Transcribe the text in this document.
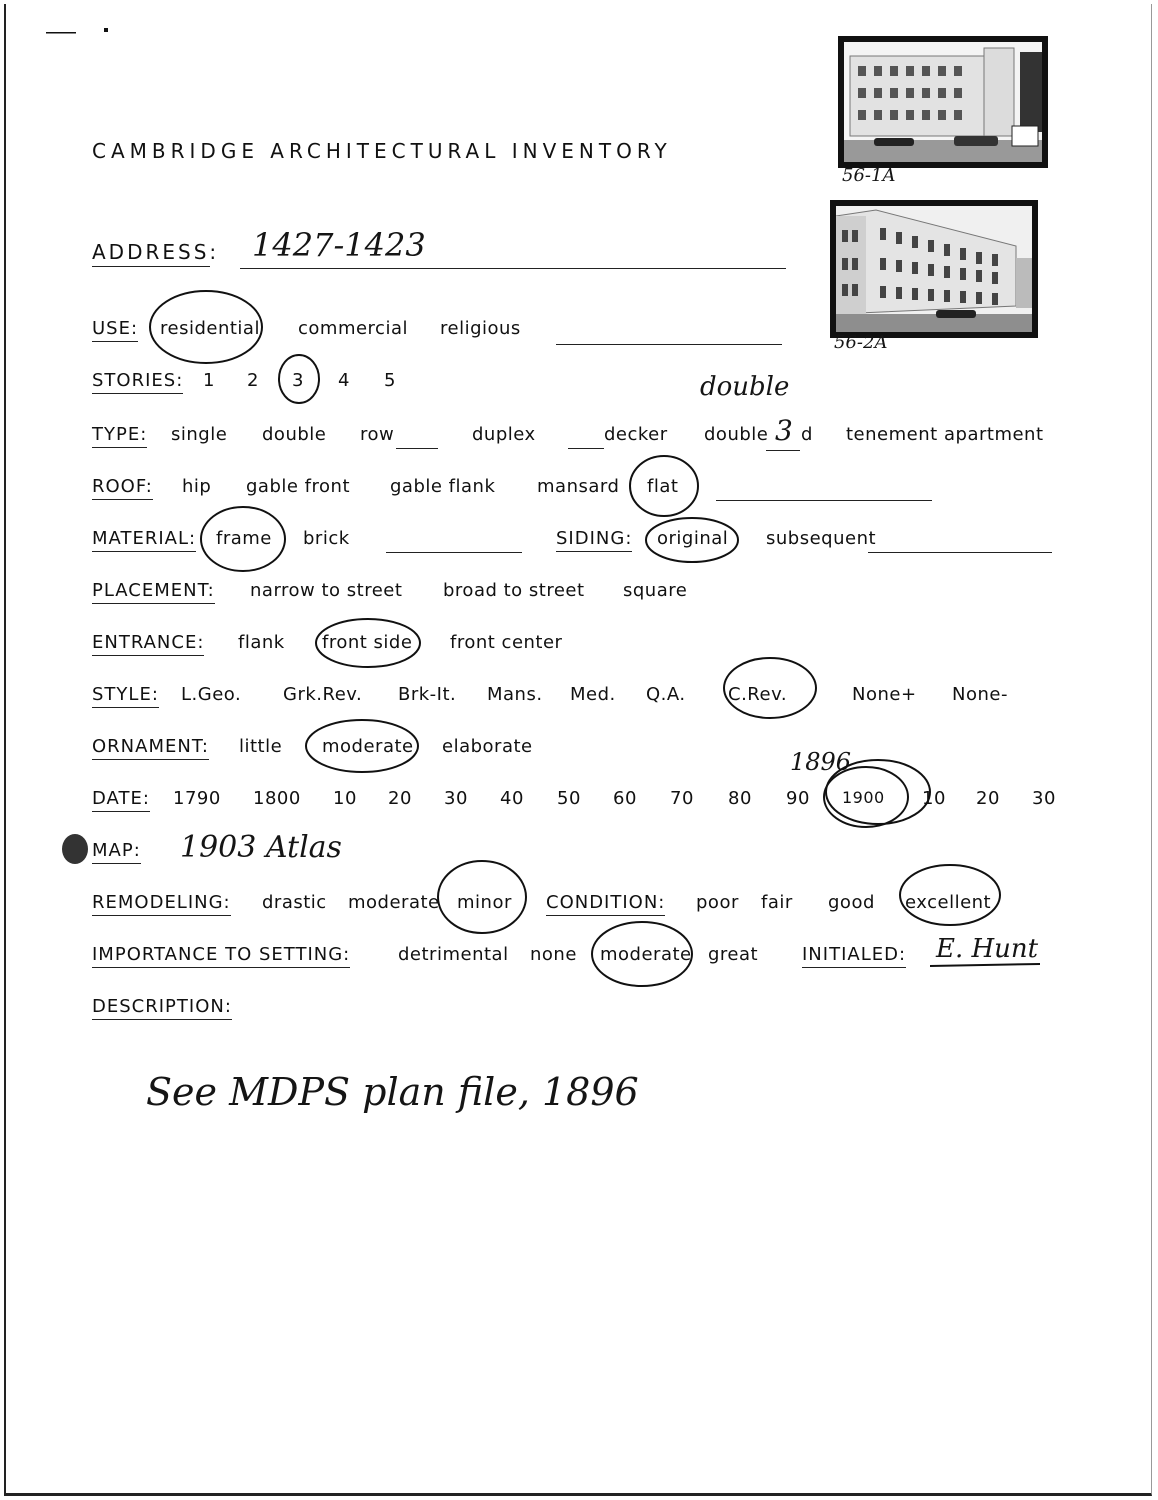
CAMBRIDGE ARCHITECTURAL INVENTORY
56-1A
56-2A
ADDRESS: 1427-1423
USE: residential commercial religious
STORIES: 1 2 3 4 5	double
TYPE: single double row	duplex	decker double 3 d tenement apartment
ROOF: hip gable front gable flank mansard flat
MATERIAL: frame brick	SIDING: original subsequent
PLACEMENT: narrow to street broad to street square
ENTRANCE: flank front side front center
STYLE: L.Geo. Grk.Rev. Brk-It. Mans. Med. Q.A. C.Rev.	None+ None-
ORNAMENT: little moderate elaborate
1896
DATE: 1790 1800 10 20 30 40 50 60 70 80 90 1900 10 20 30
MAP: 1903 Atlas
REMODELING: drastic moderate minor CONDITION: poor fair good excellent
IMPORTANCE TO SETTING:	detrimental none moderate great INITIALED: E. Hunt
DESCRIPTION:
See MDPS plan file, 1896
